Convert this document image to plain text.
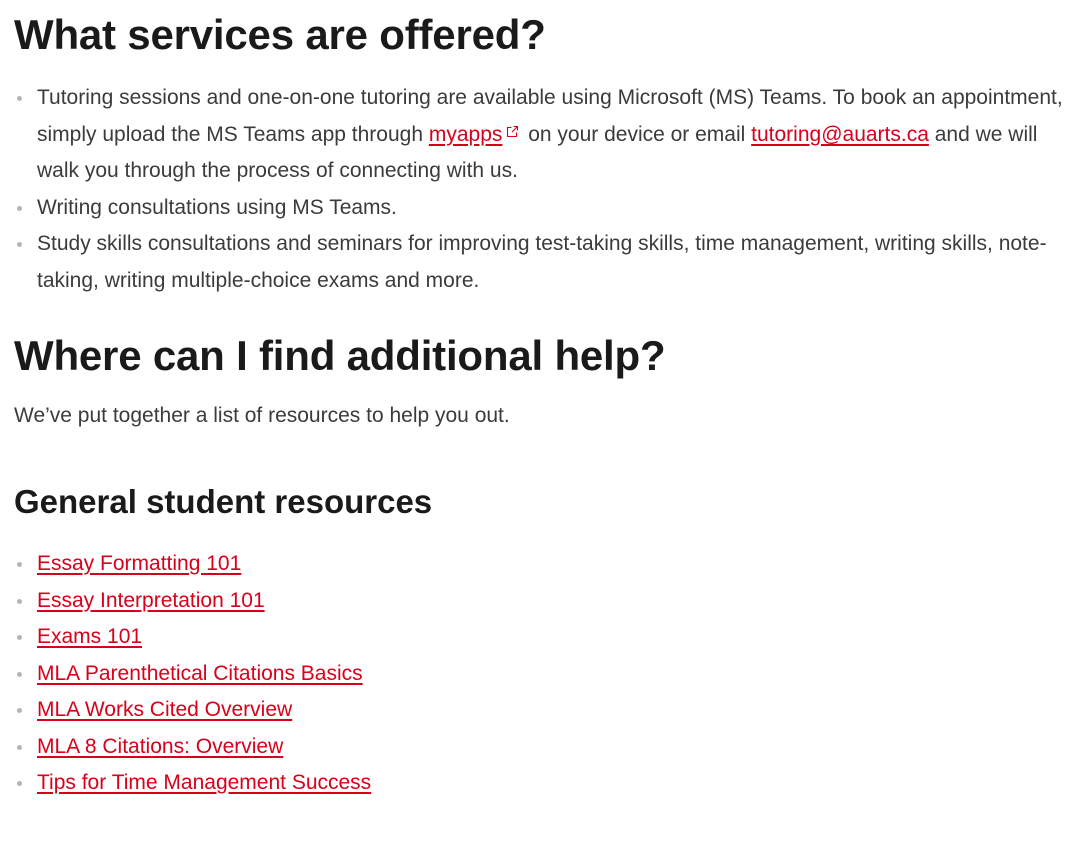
What services are offered?
Tutoring sessions and one-on-one tutoring are available using Microsoft (MS) Teams. To book an appointment, simply upload the MS Teams app through myapps on your device or email tutoring@auarts.ca and we will walk you through the process of connecting with us.
Writing consultations using MS Teams.
Study skills consultations and seminars for improving test-taking skills, time management, writing skills, note-taking, writing multiple-choice exams and more.
Where can I find additional help?

We’ve put together a list of resources to help you out.

General student resources
Essay Formatting 101
Essay Interpretation 101
Exams 101
MLA Parenthetical Citations Basics
MLA Works Cited Overview
MLA 8 Citations: Overview
Tips for Time Management Success
